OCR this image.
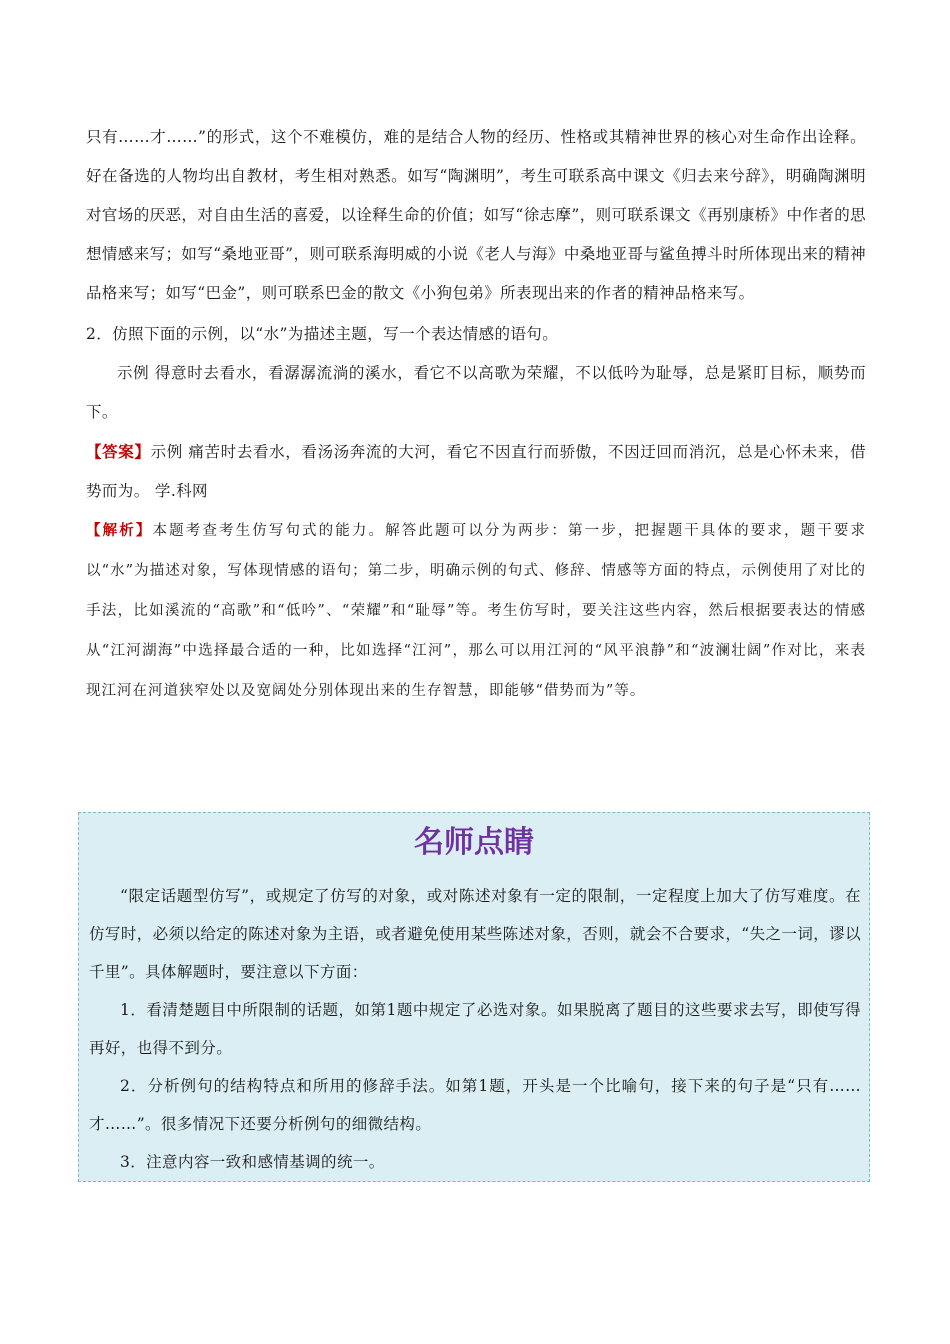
只有……才……”的形式，这个不难模仿，难的是结合人物的经历、性格或其精神世界的核心对生命作出诠释。好在备选的人物均出自教材，考生相对熟悉。如写“陶渊明”，考生可联系高中课文《归去来兮辞》，明确陶渊明对官场的厌恶，对自由生活的喜爱，以诠释生命的价值；如写“徐志摩”，则可联系课文《再别康桥》中作者的思想情感来写；如写“桑地亚哥”，则可联系海明威的小说《老人与海》中桑地亚哥与鲨鱼搏斗时所体现出来的精神品格来写；如写“巴金”，则可联系巴金的散文《小狗包弟》所表现出来的作者的精神品格来写。

2．仿照下面的示例，以“水”为描述主题，写一个表达情感的语句。

示例 得意时去看水，看潺潺流淌的溪水，看它不以高歌为荣耀，不以低吟为耻辱，总是紧盯目标，顺势而下。

【答案】示例 痛苦时去看水，看汤汤奔流的大河，看它不因直行而骄傲，不因迂回而消沉，总是心怀未来，借势而为。 学.科网

【解析】本题考查考生仿写句式的能力。解答此题可以分为两步：第一步，把握题干具体的要求，题干要求以“水”为描述对象，写体现情感的语句；第二步，明确示例的句式、修辞、情感等方面的特点，示例使用了对比的手法，比如溪流的“高歌”和“低吟”、“荣耀”和“耻辱”等。考生仿写时，要关注这些内容，然后根据要表达的情感从“江河湖海”中选择最合适的一种，比如选择“江河”，那么可以用江河的“风平浪静”和“波澜壮阔”作对比，来表现江河在河道狭窄处以及宽阔处分别体现出来的生存智慧，即能够“借势而为”等。

名师点睛

“限定话题型仿写”，或规定了仿写的对象，或对陈述对象有一定的限制，一定程度上加大了仿写难度。在仿写时，必须以给定的陈述对象为主语，或者避免使用某些陈述对象，否则，就会不合要求，“失之一词，谬以千里”。具体解题时，要注意以下方面：

1．看清楚题目中所限制的话题，如第1题中规定了必选对象。如果脱离了题目的这些要求去写，即使写得再好，也得不到分。

2．分析例句的结构特点和所用的修辞手法。如第1题，开头是一个比喻句，接下来的句子是“只有……才……”。很多情况下还要分析例句的细微结构。

3．注意内容一致和感情基调的统一。
